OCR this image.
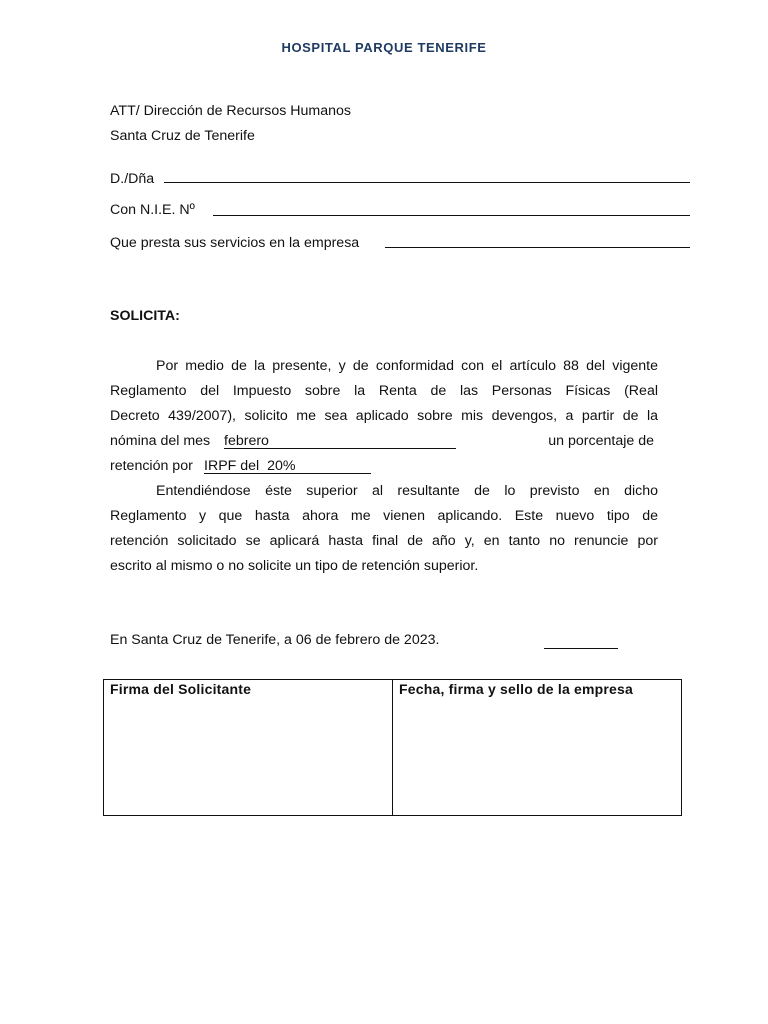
HOSPITAL PARQUE TENERIFE
ATT/ Dirección de Recursos Humanos
Santa Cruz de Tenerife
D./Dña
Con N.I.E. Nº
Que presta sus servicios en la empresa
SOLICITA:
Por medio de la presente, y de conformidad con el artículo 88 del vigente
Reglamento del Impuesto sobre la Renta de las Personas Físicas (Real
Decreto 439/2007), solicito me sea aplicado sobre mis devengos, a partir de la
nómina del mes febrero	un porcentaje de
retención por IRPF del  20%
Entendiéndose éste superior al resultante de lo previsto en dicho
Reglamento y que hasta ahora me vienen aplicando. Este nuevo tipo de
retención solicitado se aplicará hasta final de año y, en tanto no renuncie por
escrito al mismo o no solicite un tipo de retención superior.
En Santa Cruz de Tenerife, a 06 de febrero de 2023.
Firma del Solicitante	Fecha, firma y sello de la empresa
